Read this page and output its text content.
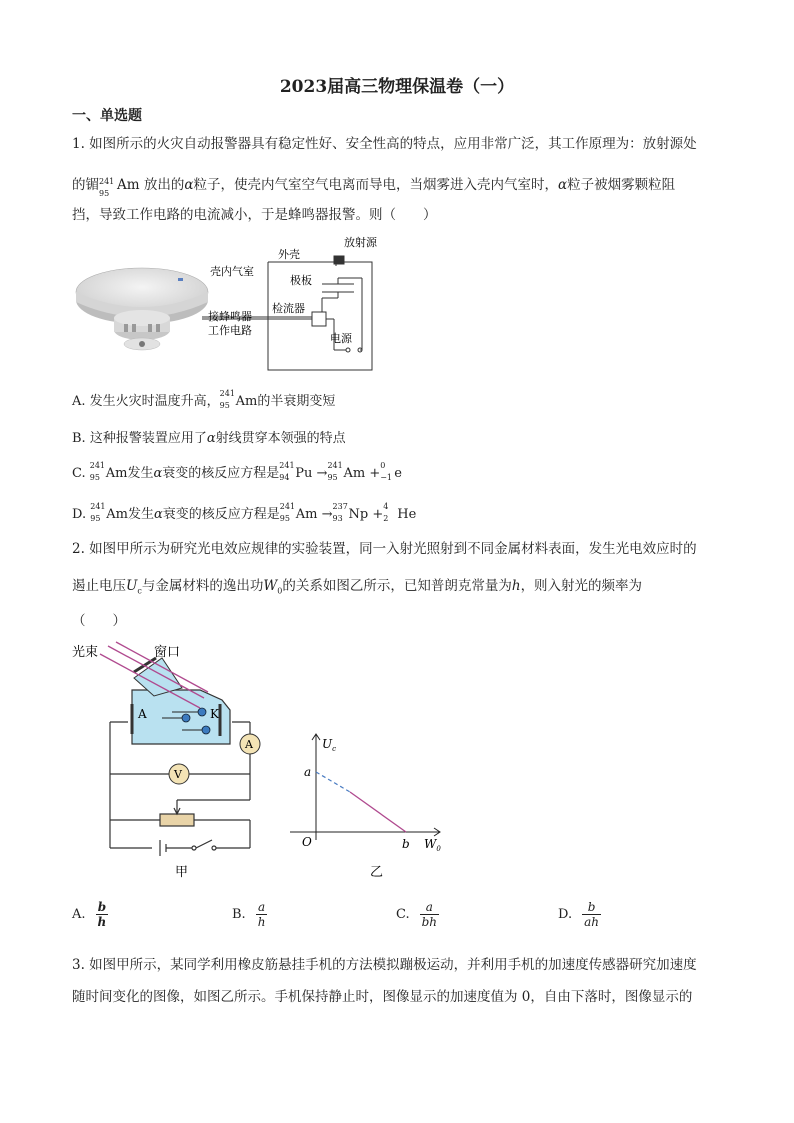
2023届高三物理保温卷（一）
一、单选题
1. 如图所示的火灾自动报警器具有稳定性好、安全性高的特点，应用非常广泛，其工作原理为：放射源处
的镅 241
95 Am 放出的α粒子，使壳内气室空气电离而导电，当烟雾进入壳内气室时，α粒子被烟雾颗粒阻
挡，导致工作电路的电流减小，于是蜂鸣器报警。则（　　）
外壳
放射源
壳内气室
极板
检流器
接蜂鸣器
工作电路
电源
A. 发生火灾时温度升高，
241
95 Am的半衰期变短
B. 这种报警装置应用了α射线贯穿本领强的特点
C.
241
95 Am发生α衰变的核反应方程是
241
94 Pu →
241
95 Am +
0
−1 e
D.
241
95 Am发生α衰变的核反应方程是
241
95 Am →
237
93 Np +
4
2 He
2. 如图甲所示为研究光电效应规律的实验装置，同一入射光照射到不同金属材料表面，发生光电效应时的
遏止电压$U_c$与金属材料的逸出功$W_0$的关系如图乙所示，已知普朗克常量为h，则入射光的频率为
（　　）
A
V
光束	窗口
A	K
甲
$U_c$
a
O	b $W_0$
乙
A. $\frac{b}{h}$	B. $\frac{a}{h}$	C. $\frac{a}{bh}$	D. $\frac{b}{ah}$
3. 如图甲所示，某同学利用橡皮筋悬挂手机的方法模拟蹦极运动，并利用手机的加速度传感器研究加速度
随时间变化的图像，如图乙所示。手机保持静止时，图像显示的加速度值为 0，自由下落时，图像显示的
